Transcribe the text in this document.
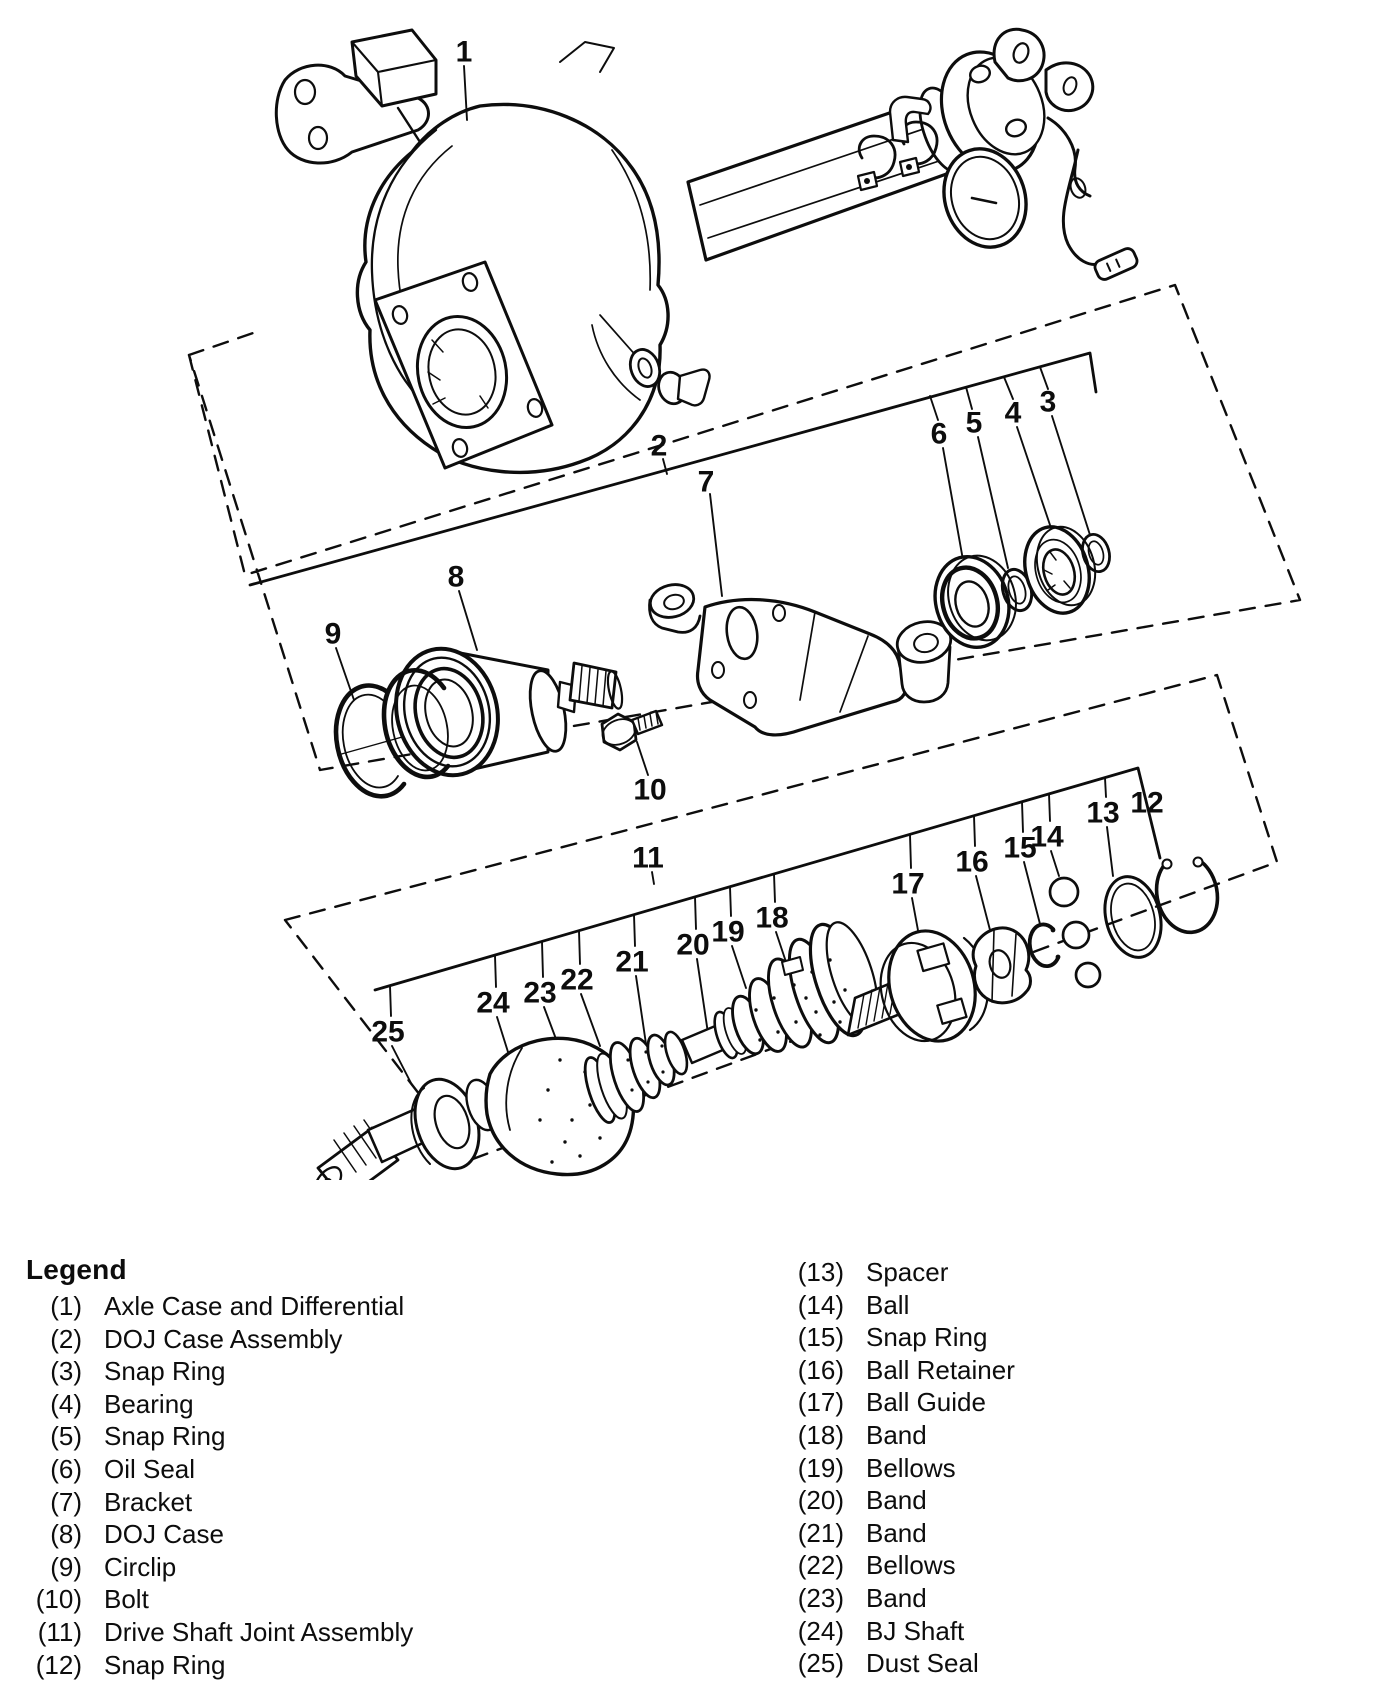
1
2
3
4
5
6
7
8
9
10
11
12
13
14
15
16
17
18
19
20
21
22
23
24
25
Legend
(1) Axle Case and Differential
(2) DOJ Case Assembly
(3) Snap Ring
(4) Bearing
(5) Snap Ring
(6) Oil Seal
(7) Bracket
(8) DOJ Case
(9) Circlip
(10) Bolt
(11) Drive Shaft Joint Assembly
(12) Snap Ring
(13) Spacer
(14) Ball
(15) Snap Ring
(16) Ball Retainer
(17) Ball Guide
(18) Band
(19) Bellows
(20) Band
(21) Band
(22) Bellows
(23) Band
(24) BJ Shaft
(25) Dust Seal
